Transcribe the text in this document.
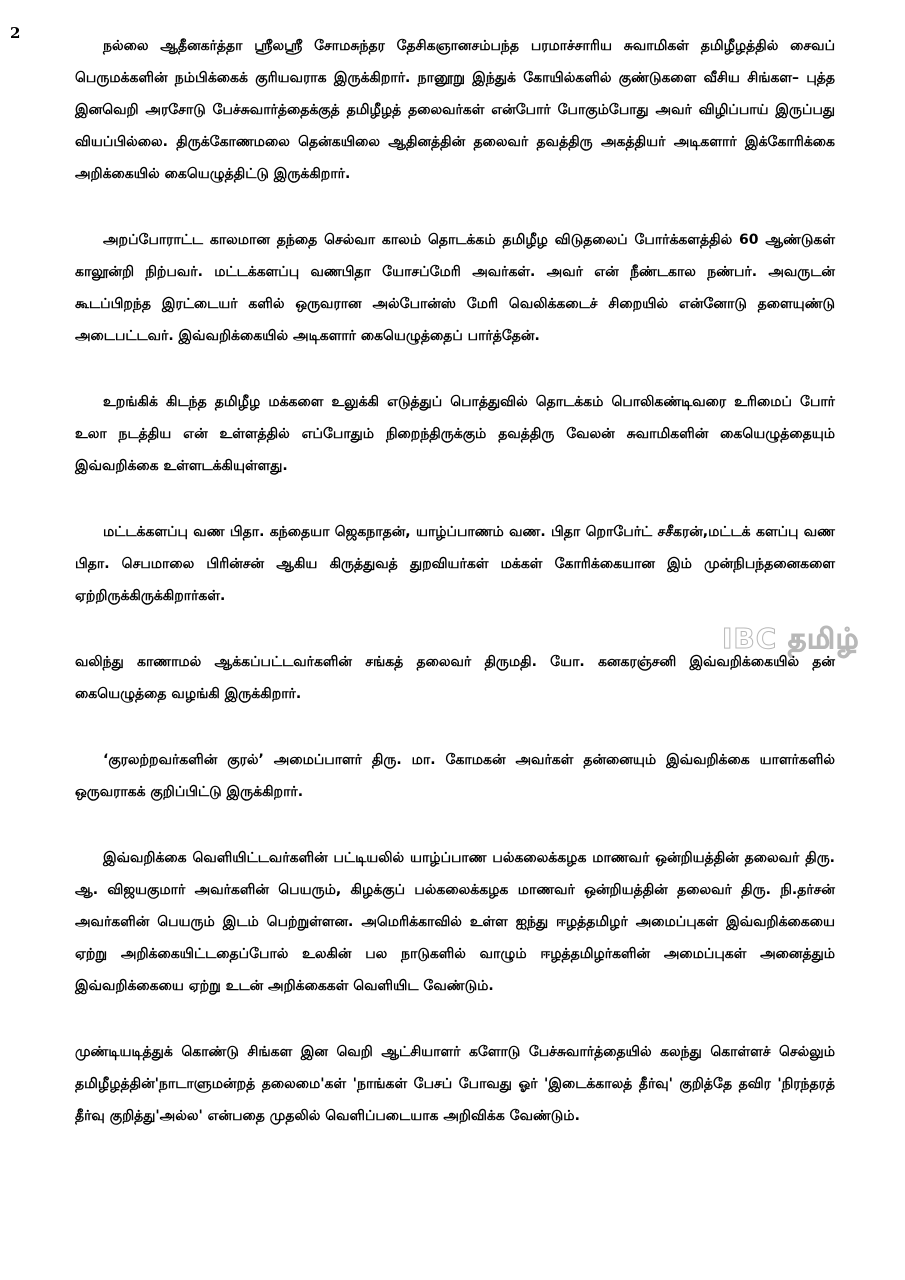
2

நல்லை ஆதீனகர்த்தா ஶ்ரீலஶ்ரீ சோமசுந்தர தேசிகஞானசம்பந்த பரமாச்சாரிய சுவாமிகள் தமிழீழத்தில் சைவப் பெருமக்களின் நம்பிக்கைக் குரியவராக இருக்கிறார். நானூறு இந்துக் கோயில்களில் குண்டுகளை வீசிய சிங்கள– புத்த இனவெறி அரசோடு பேச்சுவார்த்தைக்குத் தமிழீழத் தலைவர்கள் என்போர் போகும்போது அவர் விழிப்பாய் இருப்பது வியப்பில்லை. திருக்கோணமலை தென்கயிலை ஆதினத்தின் தலைவர் தவத்திரு அகத்தியர் அடிகளார் இக்கோரிக்கை அறிக்கையில் கையெழுத்திட்டு இருக்கிறார்.

அறப்போராட்ட காலமான தந்தை செல்வா காலம் தொடக்கம் தமிழீழ விடுதலைப் போர்க்களத்தில் 60 ஆண்டுகள் காலூன்றி நிற்பவர். மட்டக்களப்பு வணபிதா யோசப்மேரி அவர்கள். அவர் என் நீண்டகால நண்பர். அவருடன் கூடப்பிறந்த இரட்டையர் களில் ஒருவரான அல்போன்ஸ் மேரி வெலிக்கடைச் சிறையில் என்னோடு தளையுண்டு அடைபட்டவர். இவ்வறிக்கையில் அடிகளார் கையெழுத்தைப் பார்த்தேன்.

உறங்கிக் கிடந்த தமிழீழ மக்களை உலுக்கி எடுத்துப் பொத்துவில் தொடக்கம் பொலிகண்டிவரை உரிமைப் போர் உலா நடத்திய என் உள்ளத்தில் எப்போதும் நிறைந்திருக்கும் தவத்திரு வேலன் சுவாமிகளின் கையெழுத்தையும் இவ்வறிக்கை உள்ளடக்கியுள்ளது.

மட்டக்களப்பு வண பிதா. கந்தையா ஜெகநாதன், யாழ்ப்பாணம் வண. பிதா றொபேர்ட் சசீகரன்,மட்டக் களப்பு வண பிதா. செபமாலை பிரின்சன் ஆகிய கிருத்துவத் துறவியர்கள் மக்கள் கோரிக்கையான இம் முன்நிபந்தனைகளை ஏற்றிருக்கிருக்கிறார்கள்.

வலிந்து காணாமல் ஆக்கப்பட்டவர்களின் சங்கத் தலைவர் திருமதி. யோ. கனகரஞ்சனி இவ்வறிக்கையில் தன் கையெழுத்தை வழங்கி இருக்கிறார்.

‘குரலற்றவர்களின் குரல்’ அமைப்பாளர் திரு. மா. கோமகன் அவர்கள் தன்னையும் இவ்வறிக்கை யாளர்களில் ஒருவராகக் குறிப்பிட்டு இருக்கிறார்.

இவ்வறிக்கை வெளியிட்டவர்களின் பட்டியலில் யாழ்ப்பாண பல்கலைக்கழக மாணவர் ஒன்றியத்தின் தலைவர் திரு. ஆ. விஜயகுமார் அவர்களின் பெயரும், கிழக்குப் பல்கலைக்கழக மாணவர் ஒன்றியத்தின் தலைவர் திரு. நி.தர்சன் அவர்களின் பெயரும் இடம் பெற்றுள்ளன. அமெரிக்காவில் உள்ள ஐந்து ஈழத்தமிழர் அமைப்புகள் இவ்வறிக்கையை ஏற்று அறிக்கையிட்டதைப்போல் உலகின் பல நாடுகளில் வாழும் ஈழத்தமிழர்களின் அமைப்புகள் அனைத்தும் இவ்வறிக்கையை ஏற்று உடன் அறிக்கைகள் வெளியிட வேண்டும்.

முண்டியடித்துக் கொண்டு சிங்கள இன வெறி ஆட்சியாளர் களோடு பேச்சுவார்த்தையில் கலந்து கொள்ளச் செல்லும் தமிழீழத்தின்'நாடாளுமன்றத் தலைமை'கள் 'நாங்கள் பேசப் போவது ஓர் 'இடைக்காலத் தீர்வு' குறித்தே தவிர 'நிரந்தரத் தீர்வு குறித்து'அல்ல' என்பதை முதலில் வெளிப்படையாக அறிவிக்க வேண்டும்.

IBC தமிழ்
